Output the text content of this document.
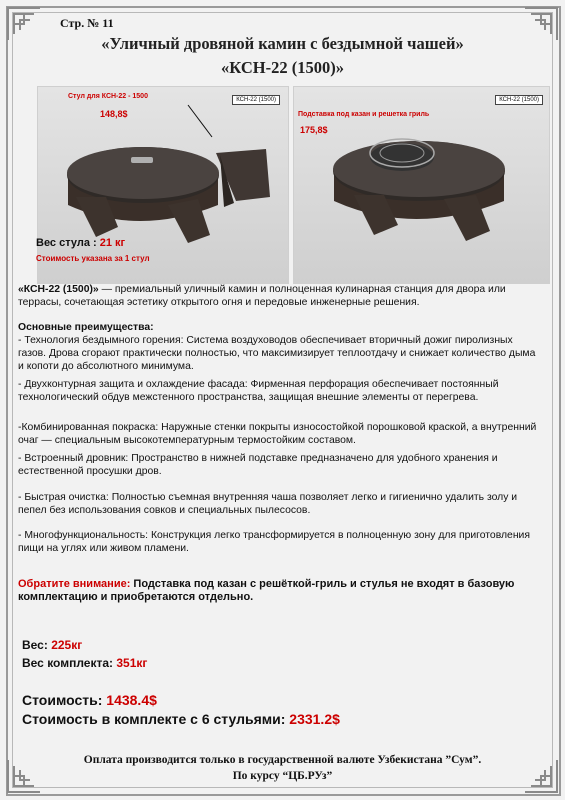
Стр. № 11
«Уличный дровяной камин с бездымной чашей»
«КСН-22 (1500)»
Стул для КСН-22 - 1500
148,8$
КСН-22 (1500)
Подставка под казан и решетка гриль
175,8$
КСН-22 (1500)
Вес стула : 21 кг
Стоимость указана за 1 стул
«КСН-22 (1500)» — премиальный уличный камин и полноценная кулинарная станция для двора или террасы, сочетающая эстетику открытого огня и передовые инженерные решения.
Основные преимущества:
- Технология бездымного горения: Система воздуховодов обеспечивает вторичный дожиг пиролизных газов. Дрова сгорают практически полностью, что максимизирует теплоотдачу и снижает количество дыма и копоти до абсолютного минимума.
- Двухконтурная защита и охлаждение фасада: Фирменная перфорация обеспечивает постоянный технологический обдув межстенного пространства, защищая внешние элементы от перегрева.
-Комбинированная покраска: Наружные стенки покрыты износостойкой порошковой краской, а внутренний очаг — специальным высокотемпературным термостойким составом.
- Встроенный дровник: Пространство в нижней подставке предназначено для удобного хранения и естественной просушки дров.
- Быстрая очистка: Полностью съемная внутренняя чаша позволяет легко и гигиенично удалить золу и пепел без использования совков и специальных пылесосов.
- Многофункциональность: Конструкция легко трансформируется в полноценную зону для приготовления пищи на углях или живом пламени.
Обратите внимание: Подставка под казан с решёткой-гриль и стулья не входят в базовую комплектацию и приобретаются отдельно.
Вес: 225кг
Вес комплекта: 351кг
Стоимость: 1438.4$
Стоимость в комплекте с 6 стульями: 2331.2$
Оплата производится только в государственной валюте Узбекистана ”Сум”.
По курсу “ЦБ.РУз”
